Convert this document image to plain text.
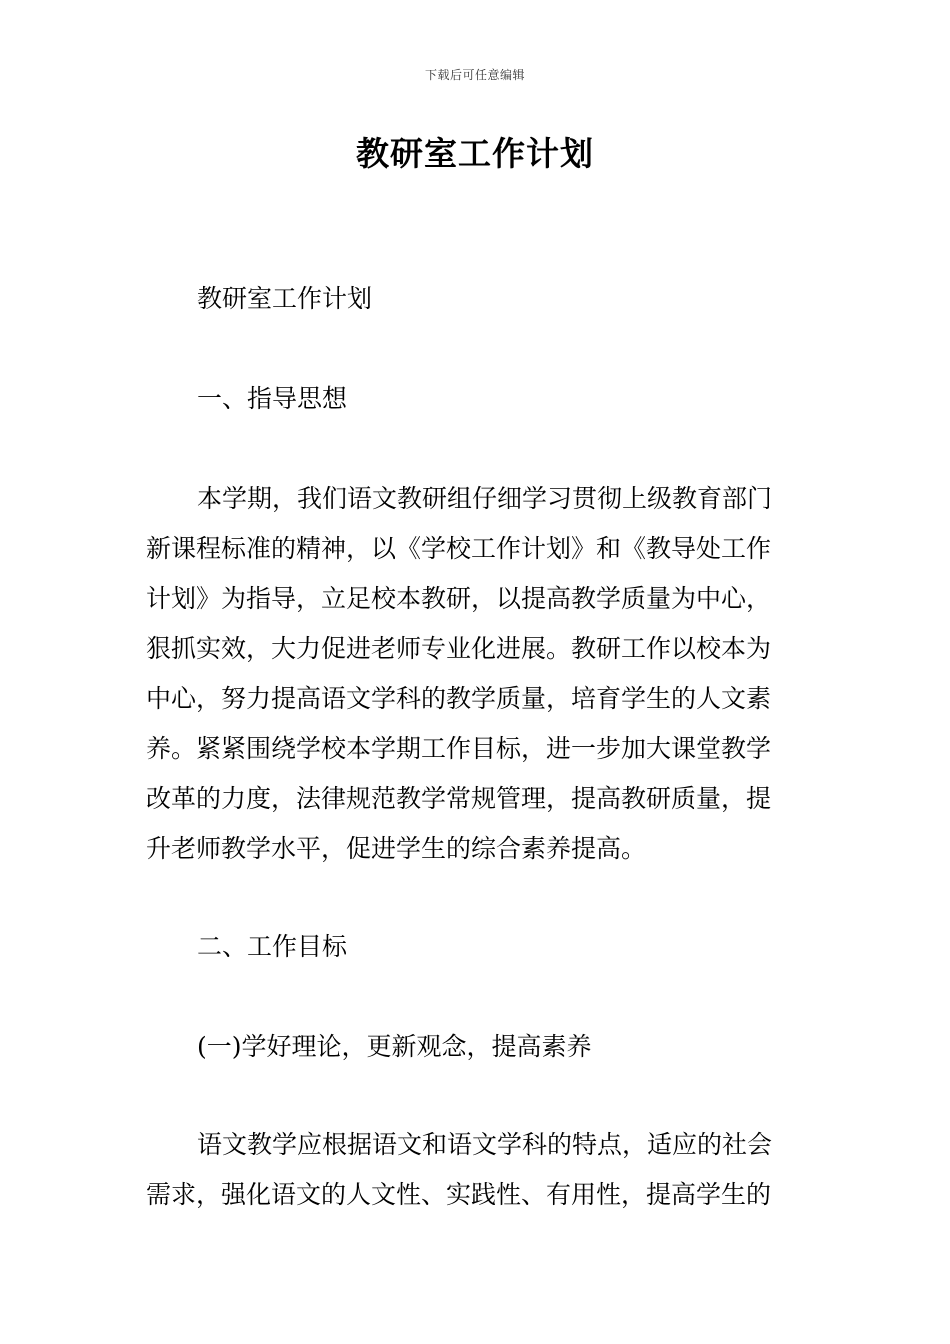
下载后可任意编辑
教研室工作计划
教研室工作计划
一、指导思想
本学期，我们语文教研组仔细学习贯彻上级教育部门
新课程标准的精神，以《学校工作计划》和《教导处工作
计划》为指导，立足校本教研，以提高教学质量为中心，
狠抓实效，大力促进老师专业化进展。教研工作以校本为
中心，努力提高语文学科的教学质量，培育学生的人文素
养。紧紧围绕学校本学期工作目标，进一步加大课堂教学
改革的力度，法律规范教学常规管理，提高教研质量，提
升老师教学水平，促进学生的综合素养提高。
二、工作目标
(一)学好理论，更新观念，提高素养
语文教学应根据语文和语文学科的特点，适应的社会
需求，强化语文的人文性、实践性、有用性，提高学生的
